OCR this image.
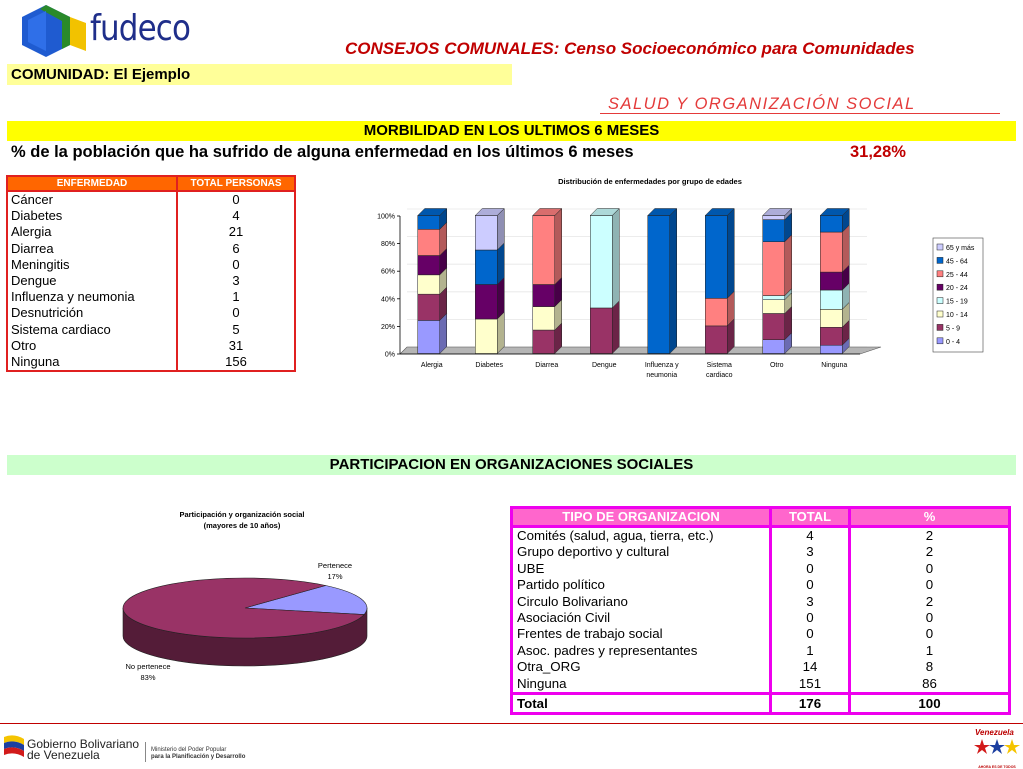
fudeco	CONSEJOS COMUNALES: Censo Socioeconómico para Comunidades
COMUNIDAD: El Ejemplo
SALUD Y ORGANIZACIÓN SOCIAL
MORBILIDAD EN LOS ULTIMOS 6 MESES
% de la población que ha sufrido de alguna enfermedad en los últimos 6 meses	31,28%
ENFERMEDAD	TOTAL PERSONAS
Cáncer	0
Diabetes	4
Alergia	21
Diarrea	6
Meningitis	0
Dengue	3
Influenza y neumonia	1
Desnutrición	0
Sistema cardiaco	5
Otro	31
Ninguna	156
Distribución de enfermedades por grupo de edades
0%
20%
40%
60%
80%
100%
Alergia	Diabetes	Diarrea	Dengue	Influenza y neumonia
Sistema cardiaco
Otro	Ninguna
65 y más
45 - 64
25 - 44
20 - 24
15 - 19
10 - 14
5 - 9
0 - 4
PARTICIPACION EN ORGANIZACIONES SOCIALES
Participación y organización social
(mayores de 10 años)
Pertenece
17%
No pertenece
83%
TIPO DE ORGANIZACION	TOTAL	%
Comités (salud, agua, tierra, etc.)	4	2
Grupo deportivo y cultural	3	2
UBE	0	0
Partido político	0	0
Circulo Bolivariano	3	2
Asociación Civil	0	0
Frentes de trabajo social	0	0
Asoc. padres y representantes	1	1
Otra_ORG	14	8
Ninguna	151	86
Total	176	100
Gobierno Bolivariano
de Venezuela	Ministerio del Poder Popular
para la Planificación y Desarrollo
Venezuela
AHORA ES DE TODOS
